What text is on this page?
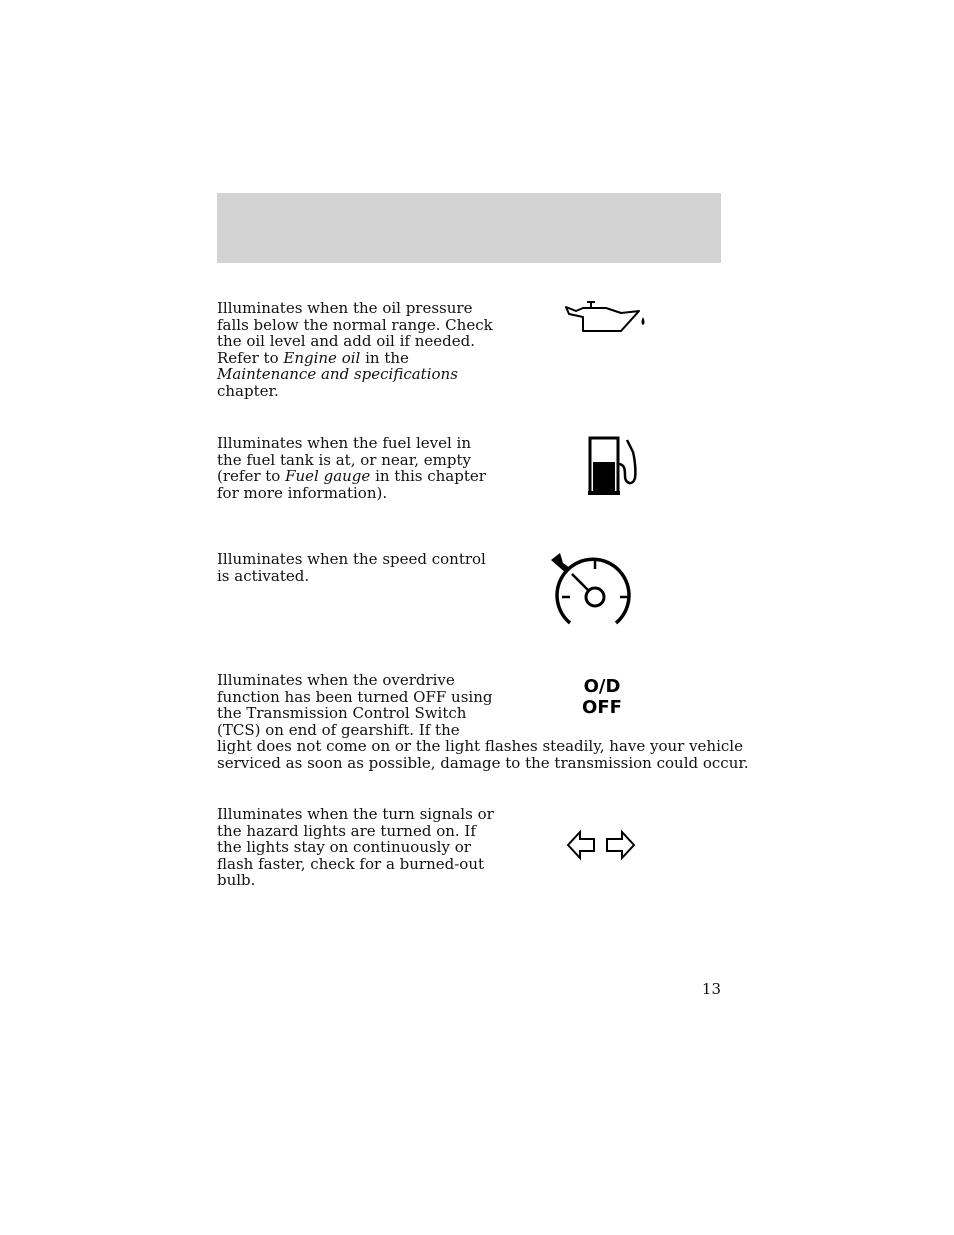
Illuminates when the oil pressure

falls below the normal range. Check

the oil level and add oil if needed.

Refer to Engine oil in the

Maintenance and specifications

chapter.

Illuminates when the fuel level in

the fuel tank is at, or near, empty

(refer to Fuel gauge in this chapter

for more information).

Illuminates when the speed control

is activated.

Illuminates when the overdrive

function has been turned OFF using

the Transmission Control Switch

(TCS) on end of gearshift. If the

light does not come on or the light flashes steadily, have your vehicle

serviced as soon as possible, damage to the transmission could occur.

O/D
OFF

Illuminates when the turn signals or

the hazard lights are turned on. If

the lights stay on continuously or

flash faster, check for a burned-out

bulb.

13
